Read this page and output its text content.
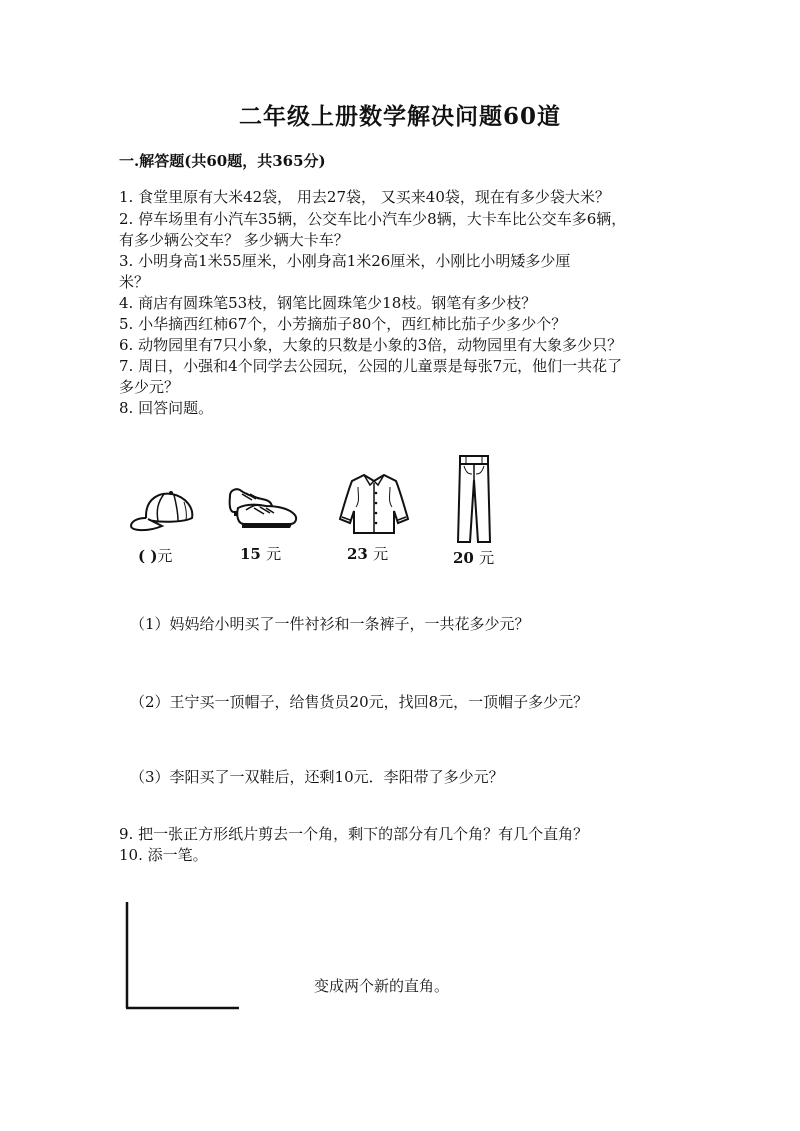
二年级上册数学解决问题60道
一.解答题(共60题，共365分)
1. 食堂里原有大米42袋， 用去27袋， 又买来40袋，现在有多少袋大米？
2. 停车场里有小汽车35辆，公交车比小汽车少8辆，大卡车比公交车多6辆，
有多少辆公交车？ 多少辆大卡车？
3. 小明身高1米55厘米，小刚身高1米26厘米，小刚比小明矮多少厘
米？
4. 商店有圆珠笔53枝，钢笔比圆珠笔少18枝。钢笔有多少枝？
5. 小华摘西红柿67个，小芳摘茄子80个，西红柿比茄子少多少个？
6. 动物园里有7只小象，大象的只数是小象的3倍，动物园里有大象多少只？
7. 周日，小强和4个同学去公园玩，公园的儿童票是每张7元，他们一共花了
多少元？
8. 回答问题。
( )元	15 元	23 元	20 元
（1）妈妈给小明买了一件衬衫和一条裤子，一共花多少元？
（2）王宁买一顶帽子，给售货员20元，找回8元，一顶帽子多少元？
（3）李阳买了一双鞋后，还剩10元．李阳带了多少元？
9. 把一张正方形纸片剪去一个角，剩下的部分有几个角？有几个直角？
10. 添一笔。
变成两个新的直角。
